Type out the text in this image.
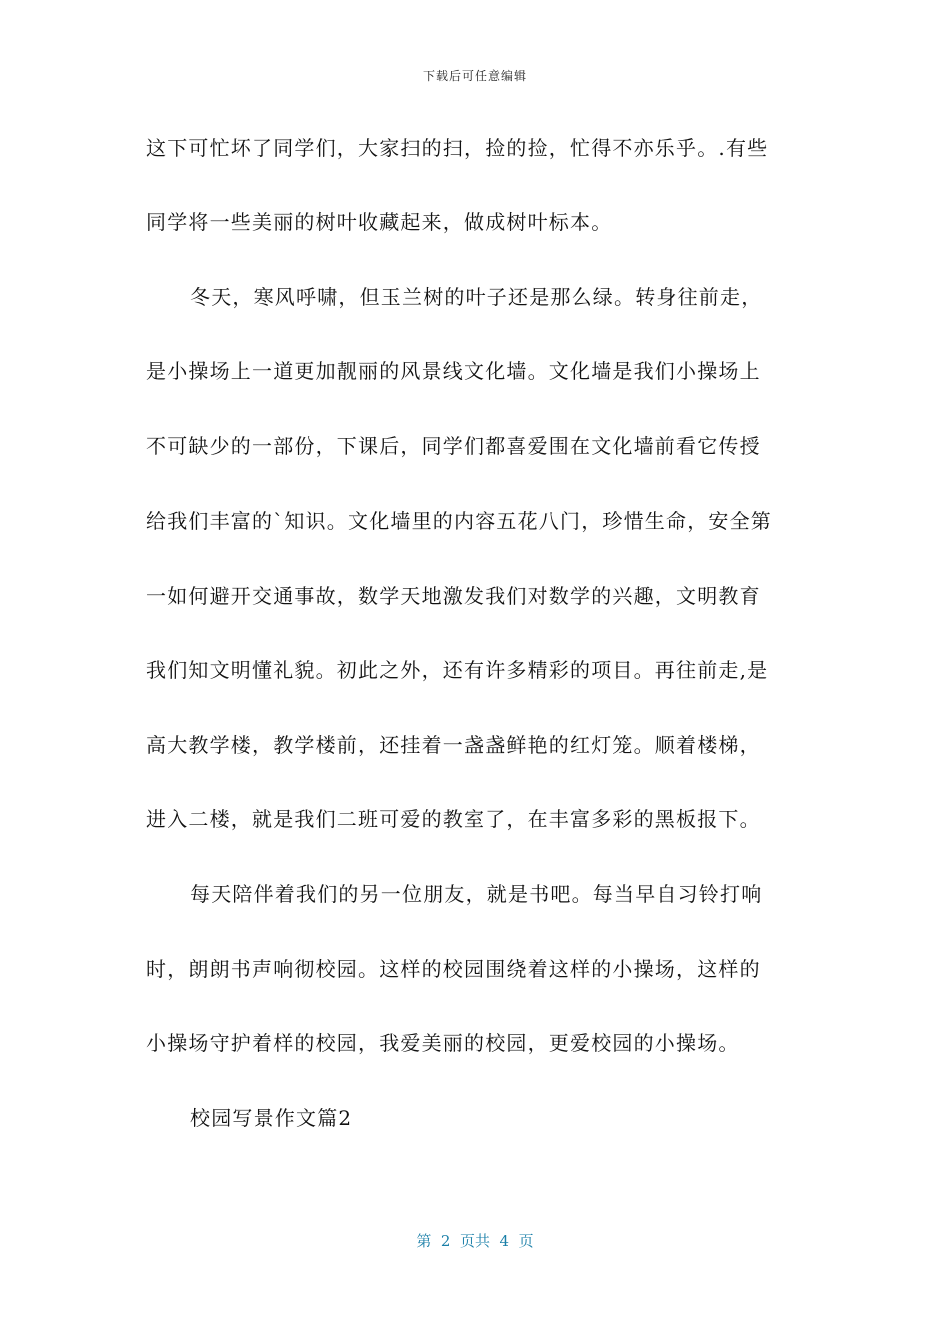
下载后可任意编辑
这下可忙坏了同学们，大家扫的扫，捡的捡，忙得不亦乐乎。.有些
同学将一些美丽的树叶收藏起来，做成树叶标本。
冬天，寒风呼啸，但玉兰树的叶子还是那么绿。转身往前走，
是小操场上一道更加靓丽的风景线文化墙。文化墙是我们小操场上
不可缺少的一部份，下课后，同学们都喜爱围在文化墙前看它传授
给我们丰富的`知识。文化墙里的内容五花八门，珍惜生命，安全第
一如何避开交通事故，数学天地激发我们对数学的兴趣，文明教育
我们知文明懂礼貌。初此之外，还有许多精彩的项目。再往前走,是
高大教学楼，教学楼前，还挂着一盏盏鲜艳的红灯笼。顺着楼梯，
进入二楼，就是我们二班可爱的教室了，在丰富多彩的黑板报下。
每天陪伴着我们的另一位朋友，就是书吧。每当早自习铃打响
时，朗朗书声响彻校园。这样的校园围绕着这样的小操场，这样的
小操场守护着样的校园，我爱美丽的校园，更爱校园的小操场。
校园写景作文篇2
第  2  页共  4  页
